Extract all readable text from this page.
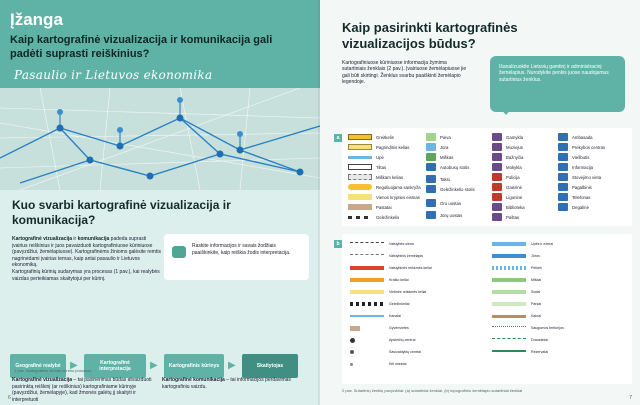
Įžanga
Kaip kartografinė vizualizacija ir komunikacija gali padėti suprasti reiškinius?
Pasaulio ir Lietuvos ekonomika
Kuo svarbi kartografinė vizualizacija ir komunikacija?
Kartografinė vizualizacija ir komunikacija padeda suprasti įvairius reiškinius ir juos pavaizduoti kartografiniuose kūriniuose (pavyzdžiui, žemėlapiuose). Kartografinėms žinioms galėsite remtis nagrinėdami įvairias temas, kaip antai pasaulio ir Lietuvos ekonomiką.
Kartografinių kūrinių sudarymas yra procesas (1 pav.), kai realybės vaizdas perteikiamas skaitytojui per kūrinį.
Raskite informacijos ir savais žodžiais paaiškinkite, kaip reiškia žodis interpretacija.
Geografinė realybė ▶	Kartografinė interpretacija	▶	Kartografinis kūrinys ▶	Skaitytojas
1 pav. Kartografinis kūrinio kūrimo procesas
Kartografinė vizualizacija – tai pasinėrimas būdas atvaizduoti pasirinktą reiškinį (ar reiškinius) kartografiniame kūrinyje (pavyzdžiui, žemėlapyje), kad žmonės galėtų jį skaityti ir interpretuoti
Kartografinė komunikacija – tai informacijos perdavimas kartografiniu vaizdu.
6
Kaip pasirinkti kartografinės vizualizacijos būdus?
Kartografiniuose kūriniuose informacija žymima sutartiniais ženklais (2 pav.). Įvairiuose žemėlapiuose jie gali būti skirtingi. Ženklus svarbu paaiškinti žemėlapio legendoje.
Išanalizuokite Lietuvių gamtinį ir administracinį žemėlapius. Nurodykite penkis juose naudojamus sutartinius ženklus.
a	Greitkelis
Pagrindinis kelias
Upė
Tiltas
Miškam kelias
Reguliuojama sankryža
Vienos krypties eismas
Pastatai
Geležinkelis
Pieva
Jūra
Miškas
Autobusų stotis
Taksi
Geležinkelio stotis
Oro uostas
Jūrų uostas
Gamykla
Muziejus
Bažnyčia
Mokykla
Policija
Gaisrinė
Ligoninė
Biblioteka
Paštas
Ambasada
Prekybos centras
Viešbutis
Informacija
Stovėjimo vieta
Pagalbinis
Telefonas
Degalinė
b	Valstybės siena
Valstybinis žemėlapis
Valstybinės reikšmės keliai
Krašto keliai
Vietinės reikšmės keliai
Geležinkeliai
Kanalai
Gyvenvietės
Apskričių centrai
Savivaldybių centrai
Kiti miestai
Upės ir ežerai
Jūros
Pelkės
Miškai
Sodai
Parkai
Kalnai
Saugomos teritorijos
Draustiniai
Rezervatai
2 pav. Sutartinių ženklų pavyzdžiai: (a) sutartiniai ženklai, (b) topografinio žemėlapio sutartiniai ženklai
7
